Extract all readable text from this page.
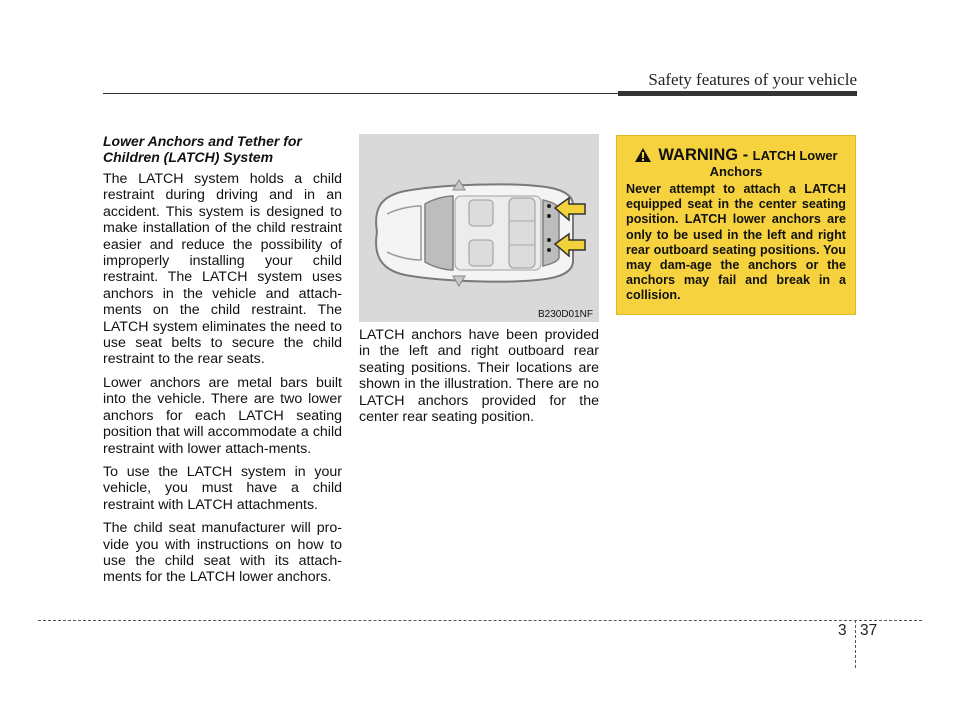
Safety features of your vehicle
Lower Anchors and Tether for
Children (LATCH) System

The LATCH system holds a child restraint during driving and in an accident. This system is designed to make installation of the child restraint easier and reduce the possibility of improperly installing your child restraint. The LATCH system uses anchors in the vehicle and attach-ments on the child restraint. The LATCH system eliminates the need to use seat belts to secure the child restraint to the rear seats.

Lower anchors are metal bars built into the vehicle. There are two lower anchors for each LATCH seating position that will accommodate a child restraint with lower attach-ments.

To use the LATCH system in your vehicle, you must have a child restraint with LATCH attachments.

The child seat manufacturer will pro-vide you with instructions on how to use the child seat with its attach-ments for the LATCH lower anchors.

B230D01NF

LATCH anchors have been provided in the left and right outboard rear seating positions. Their locations are shown in the illustration. There are no LATCH anchors provided for the center rear seating position.

WARNING - LATCH Lower
Anchors
Never attempt to attach a LATCH equipped seat in the center seating position. LATCH lower anchors are only to be used in the left and right rear outboard seating positions. You may dam-age the anchors or the anchors may fail and break in a collision.
3 37
